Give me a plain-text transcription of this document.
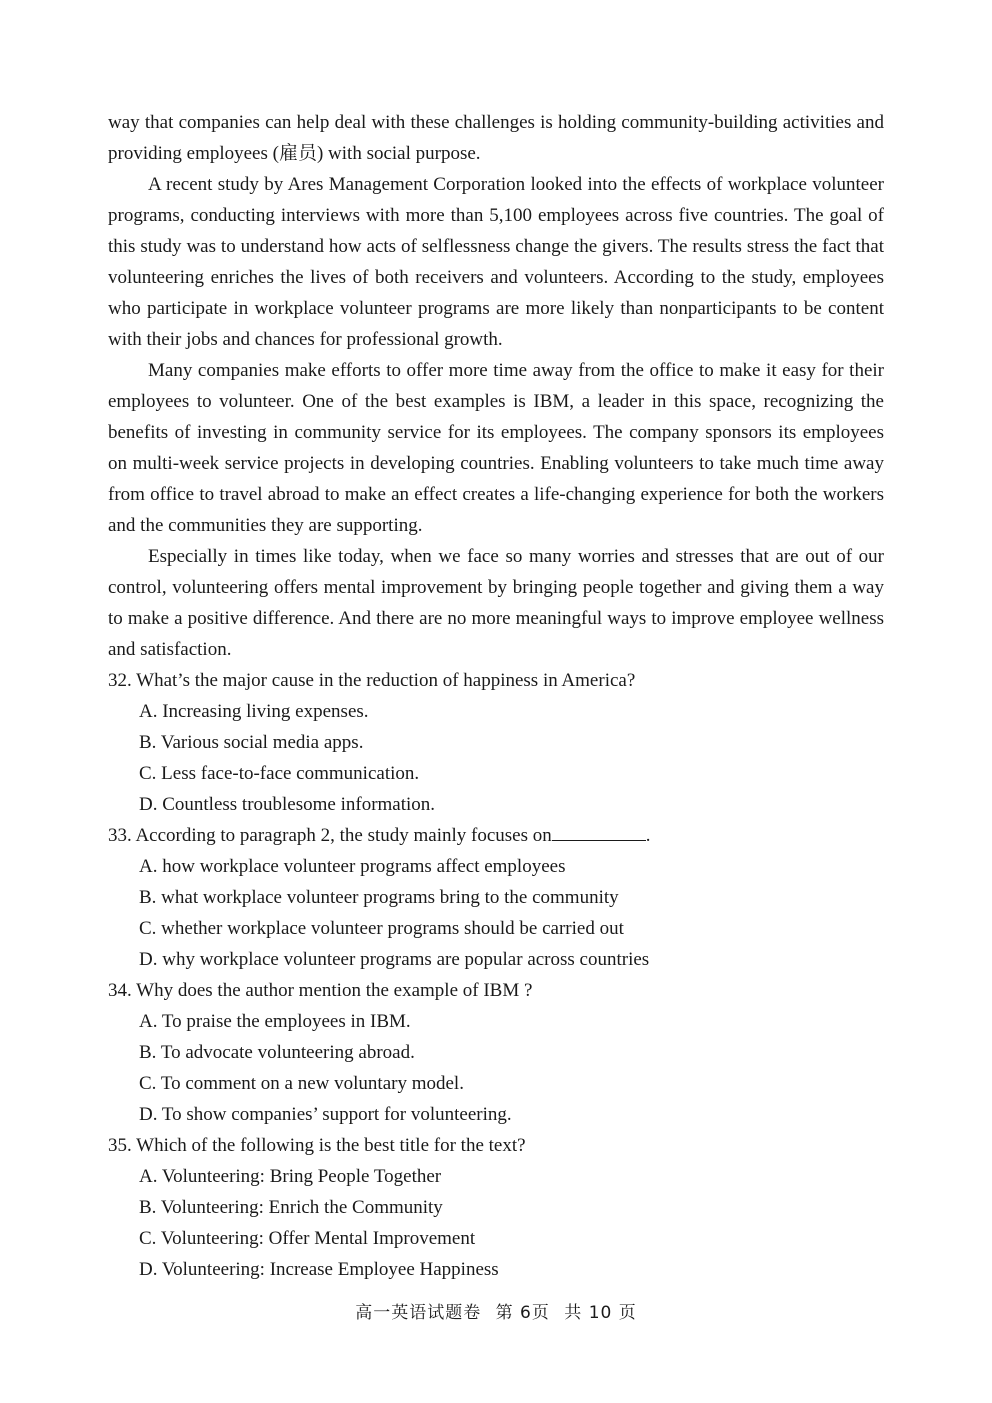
way that companies can help deal with these challenges is holding community-building activities and providing employees (雇员) with social purpose.

A recent study by Ares Management Corporation looked into the effects of workplace volunteer programs, conducting interviews with more than 5,100 employees across five countries. The goal of this study was to understand how acts of selflessness change the givers. The results stress the fact that volunteering enriches the lives of both receivers and volunteers. According to the study, employees who participate in workplace volunteer programs are more likely than nonparticipants to be content with their jobs and chances for professional growth.

Many companies make efforts to offer more time away from the office to make it easy for their employees to volunteer. One of the best examples is IBM, a leader in this space, recognizing the benefits of investing in community service for its employees. The company sponsors its employees on multi-week service projects in developing countries. Enabling volunteers to take much time away from office to travel abroad to make an effect creates a life-changing experience for both the workers and the communities they are supporting.

Especially in times like today, when we face so many worries and stresses that are out of our control, volunteering offers mental improvement by bringing people together and giving them a way to make a positive difference. And there are no more meaningful ways to improve employee wellness and satisfaction.

32. What’s the major cause in the reduction of happiness in America?
A. Increasing living expenses.
B. Various social media apps.
C. Less face-to-face communication.
D. Countless troublesome information.
33. According to paragraph 2, the study mainly focuses on	.
A. how workplace volunteer programs affect employees
B. what workplace volunteer programs bring to the community
C. whether workplace volunteer programs should be carried out
D. why workplace volunteer programs are popular across countries
34. Why does the author mention the example of IBM ?
A. To praise the employees in IBM.
B. To advocate volunteering abroad.
C. To comment on a new voluntary model.
D. To show companies’ support for volunteering.
35. Which of the following is the best title for the text?
A. Volunteering: Bring People Together
B. Volunteering: Enrich the Community
C. Volunteering: Offer Mental Improvement
D. Volunteering: Increase Employee Happiness
高一英语试题卷 第 6页 共 10 页
